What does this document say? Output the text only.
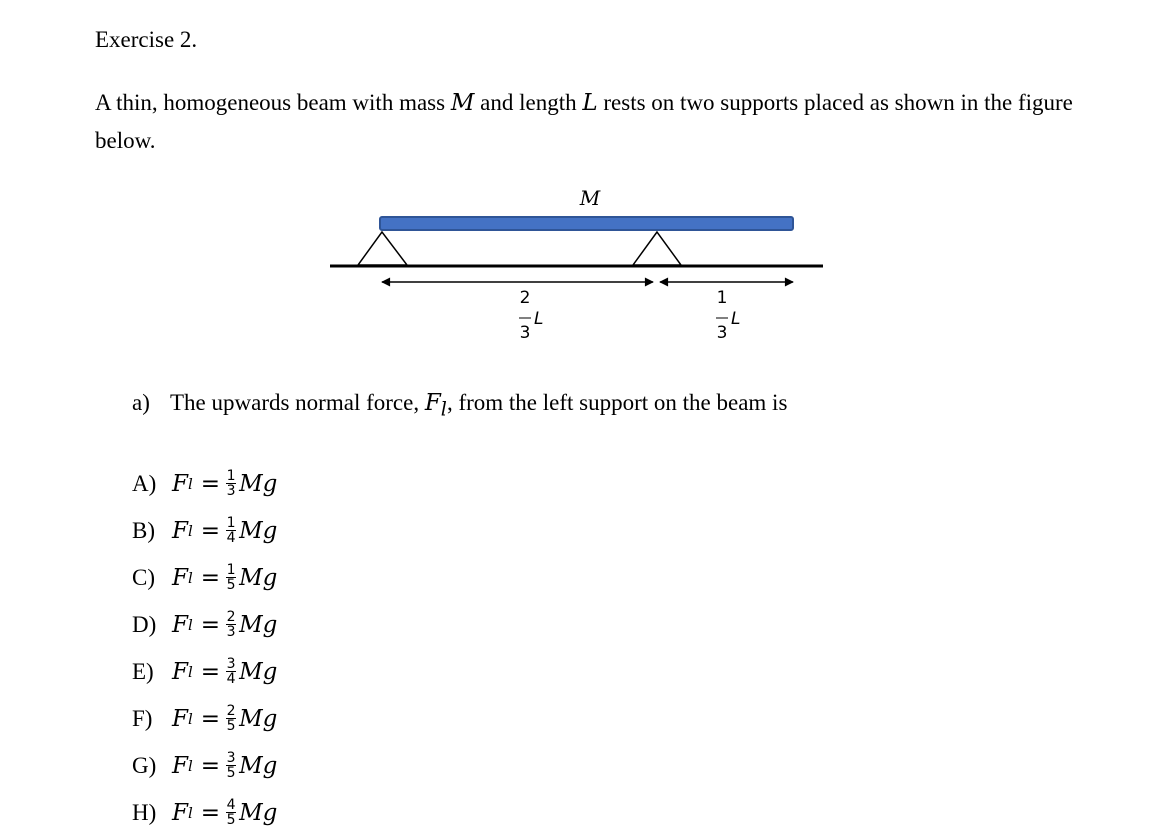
Exercise 2.
A thin, homogeneous beam with mass M and length L rests on two supports placed as shown in the figure below.
M
2
3
L
1
3
L
a) The upwards normal force, $F_l$, from the left support on the beam is
A) F $l = \frac{1}{3}$ Mg
B) F $l = \frac{1}{4}$ Mg
C) F $l = \frac{1}{5}$ Mg
D) F $l = \frac{2}{3}$ Mg
E) F $l = \frac{3}{4}$ Mg
F) F $l = \frac{2}{5}$ Mg
G) F $l = \frac{3}{5}$ Mg
H) F $l = \frac{4}{5}$ Mg
